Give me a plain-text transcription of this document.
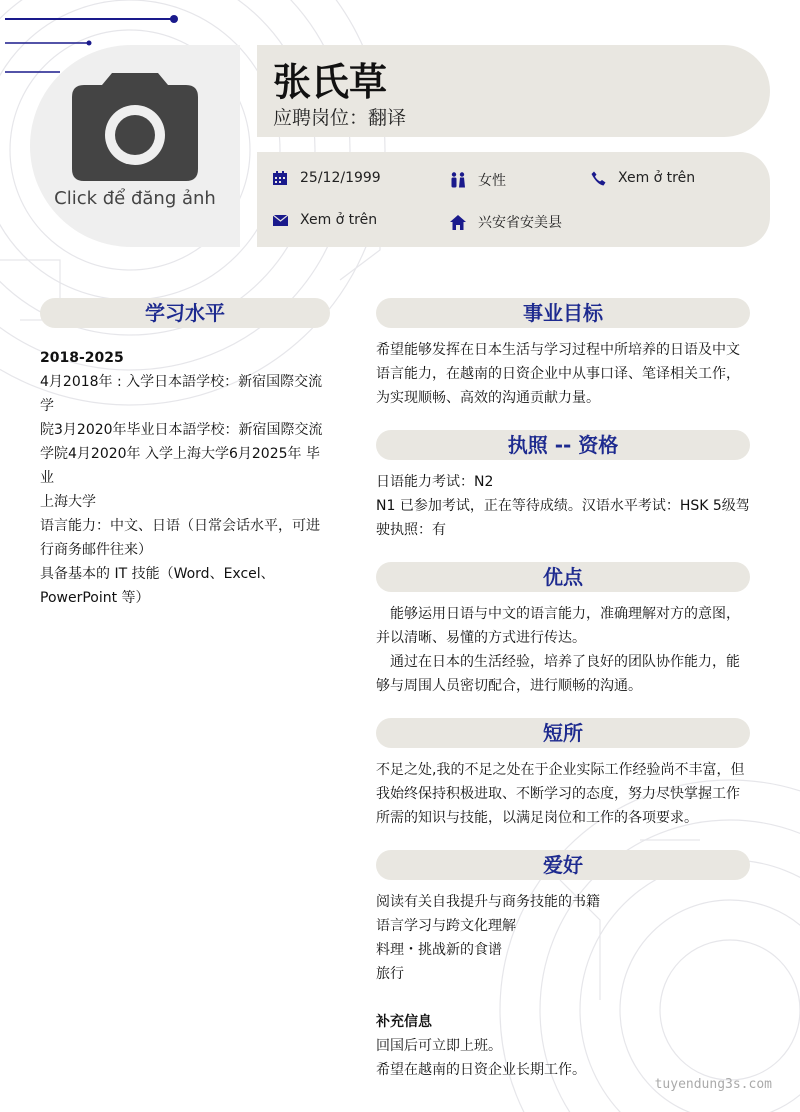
Click để đăng ảnh
张氏草
应聘岗位：翻译
25/12/1999	女性	Xem ở trên
Xem ở trên	兴安省安美县
学习水平

2018-2025

4月2018年 : 入学日本語学校：新宿国際交流学

院3月2020年毕业日本語学校：新宿国際交流

学院4月2020年 入学上海大学6月2025年 毕业

上海大学

语言能力：中文、日语（日常会话水平，可进

行商务邮件往来）

具备基本的 IT 技能（Word、Excel、

PowerPoint 等）

事业目标

希望能够发挥在日本生活与学习过程中所培养的日语及中文

语言能力，在越南的日资企业中从事口译、笔译相关工作，

为实现顺畅、高效的沟通贡献力量。

执照 -- 资格

日语能力考试：N2

N1 已参加考试，正在等待成绩。汉语水平考试：HSK 5级驾

驶执照：有

优点

　能够运用日语与中文的语言能力，准确理解对方的意图，

并以清晰、易懂的方式进行传达。

　通过在日本的生活经验，培养了良好的团队协作能力，能

够与周围人员密切配合，进行顺畅的沟通。

短所

不足之处,我的不足之处在于企业实际工作经验尚不丰富，但

我始终保持积极进取、不断学习的态度，努力尽快掌握工作

所需的知识与技能，以满足岗位和工作的各项要求。

爱好

阅读有关自我提升与商务技能的书籍

语言学习与跨文化理解

料理・挑战新的食谱

旅行

补充信息

回国后可立即上班。

希望在越南的日资企业长期工作。

tuyendung3s.com
